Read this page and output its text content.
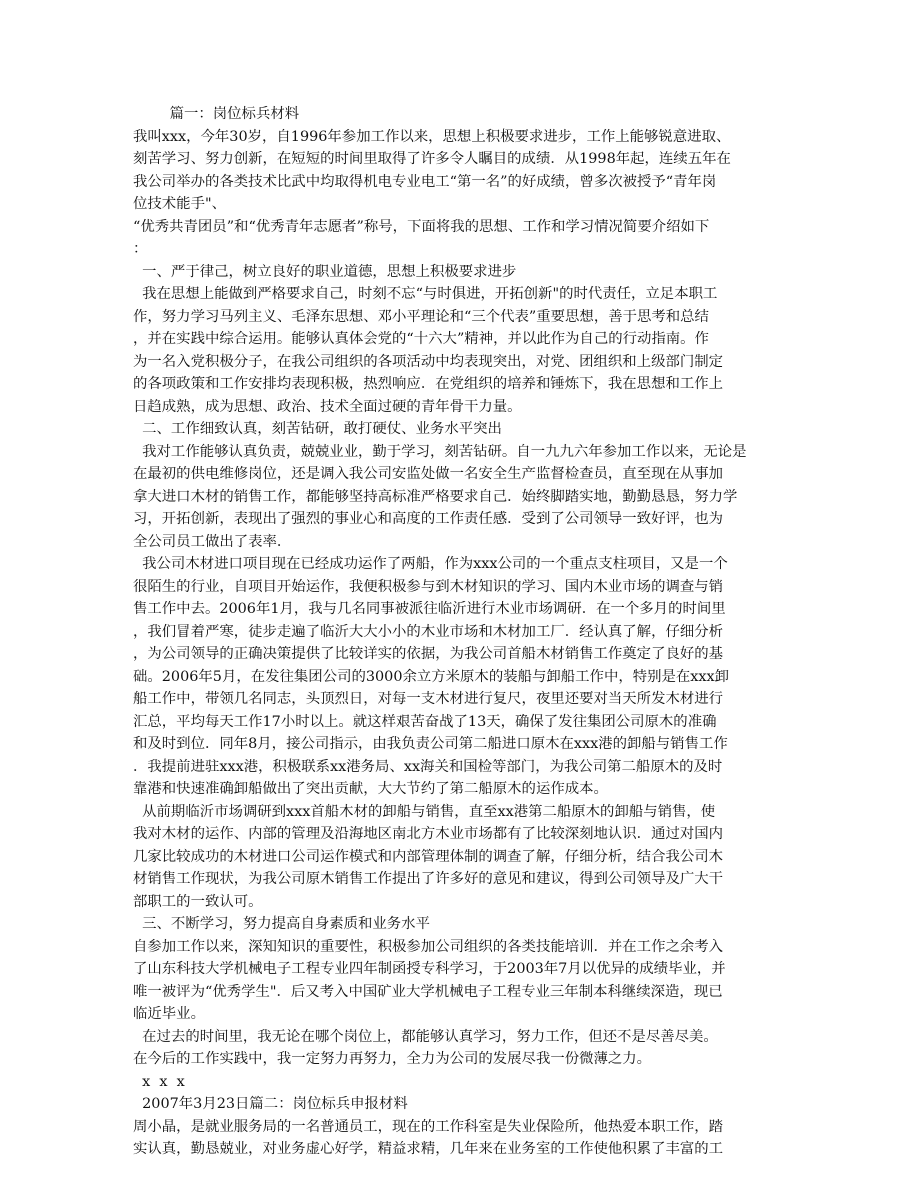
篇一：岗位标兵材料
我叫xxx，今年30岁，自1996年参加工作以来，思想上积极要求进步，工作上能够锐意进取、
刻苦学习、努力创新，在短短的时间里取得了许多令人瞩目的成绩．从1998年起，连续五年在
我公司举办的各类技术比武中均取得机电专业电工“第一名”的好成绩，曾多次被授予“青年岗
位技术能手"、
“优秀共青团员”和“优秀青年志愿者”称号，下面将我的思想、工作和学习情况简要介绍如下
：
一、严于律己，树立良好的职业道德，思想上积极要求进步
我在思想上能做到严格要求自己，时刻不忘“与时俱进，开拓创新"的时代责任，立足本职工
作，努力学习马列主义、毛泽东思想、邓小平理论和“三个代表”重要思想，善于思考和总结
，并在实践中综合运用。能够认真体会党的“十六大”精神，并以此作为自己的行动指南。作
为一名入党积极分子，在我公司组织的各项活动中均表现突出，对党、团组织和上级部门制定
的各项政策和工作安排均表现积极，热烈响应．在党组织的培养和锤炼下，我在思想和工作上
日趋成熟，成为思想、政治、技术全面过硬的青年骨干力量。
二、工作细致认真，刻苦钻研，敢打硬仗、业务水平突出
我对工作能够认真负责，兢兢业业，勤于学习，刻苦钻研。自一九九六年参加工作以来，无论是
在最初的供电维修岗位，还是调入我公司安监处做一名安全生产监督检查员，直至现在从事加
拿大进口木材的销售工作，都能够坚持高标准严格要求自己．始终脚踏实地，勤勤恳恳，努力学
习，开拓创新，表现出了强烈的事业心和高度的工作责任感．受到了公司领导一致好评，也为
全公司员工做出了表率．
我公司木材进口项目现在已经成功运作了两船，作为xxx公司的一个重点支柱项目，又是一个
很陌生的行业，自项目开始运作，我便积极参与到木材知识的学习、国内木业市场的调查与销
售工作中去。2006年1月，我与几名同事被派往临沂进行木业市场调研．在一个多月的时间里
，我们冒着严寒，徒步走遍了临沂大大小小的木业市场和木材加工厂．经认真了解，仔细分析
，为公司领导的正确决策提供了比较详实的依据，为我公司首船木材销售工作奠定了良好的基
础。2006年5月，在发往集团公司的3000余立方米原木的装船与卸船工作中，特别是在xxx卸
船工作中，带领几名同志，头顶烈日，对每一支木材进行复尺，夜里还要对当天所发木材进行
汇总，平均每天工作17小时以上。就这样艰苦奋战了13天，确保了发往集团公司原木的准确
和及时到位．同年8月，接公司指示，由我负责公司第二船进口原木在xxx港的卸船与销售工作
．我提前进驻xxx港，积极联系xx港务局、xx海关和国检等部门，为我公司第二船原木的及时
靠港和快速准确卸船做出了突出贡献，大大节约了第二船原木的运作成本。
从前期临沂市场调研到xxx首船木材的卸船与销售，直至xx港第二船原木的卸船与销售，使
我对木材的运作、内部的管理及沿海地区南北方木业市场都有了比较深刻地认识．通过对国内
几家比较成功的木材进口公司运作模式和内部管理体制的调查了解，仔细分析，结合我公司木
材销售工作现状，为我公司原木销售工作提出了许多好的意见和建议，得到公司领导及广大干
部职工的一致认可。
三、不断学习，努力提高自身素质和业务水平
自参加工作以来，深知知识的重要性，积极参加公司组织的各类技能培训．并在工作之余考入
了山东科技大学机械电子工程专业四年制函授专科学习，于2003年7月以优异的成绩毕业，并
唯一被评为“优秀学生"．后又考入中国矿业大学机械电子工程专业三年制本科继续深造，现已
临近毕业。
在过去的时间里，我无论在哪个岗位上，都能够认真学习，努力工作，但还不是尽善尽美。
在今后的工作实践中，我一定努力再努力，全力为公司的发展尽我一份微薄之力。
x  x  x
2007年3月23日篇二：岗位标兵申报材料
周小晶，是就业服务局的一名普通员工，现在的工作科室是失业保险所，他热爱本职工作，踏
实认真，勤恳兢业，对业务虚心好学，精益求精，几年来在业务室的工作使他积累了丰富的工
